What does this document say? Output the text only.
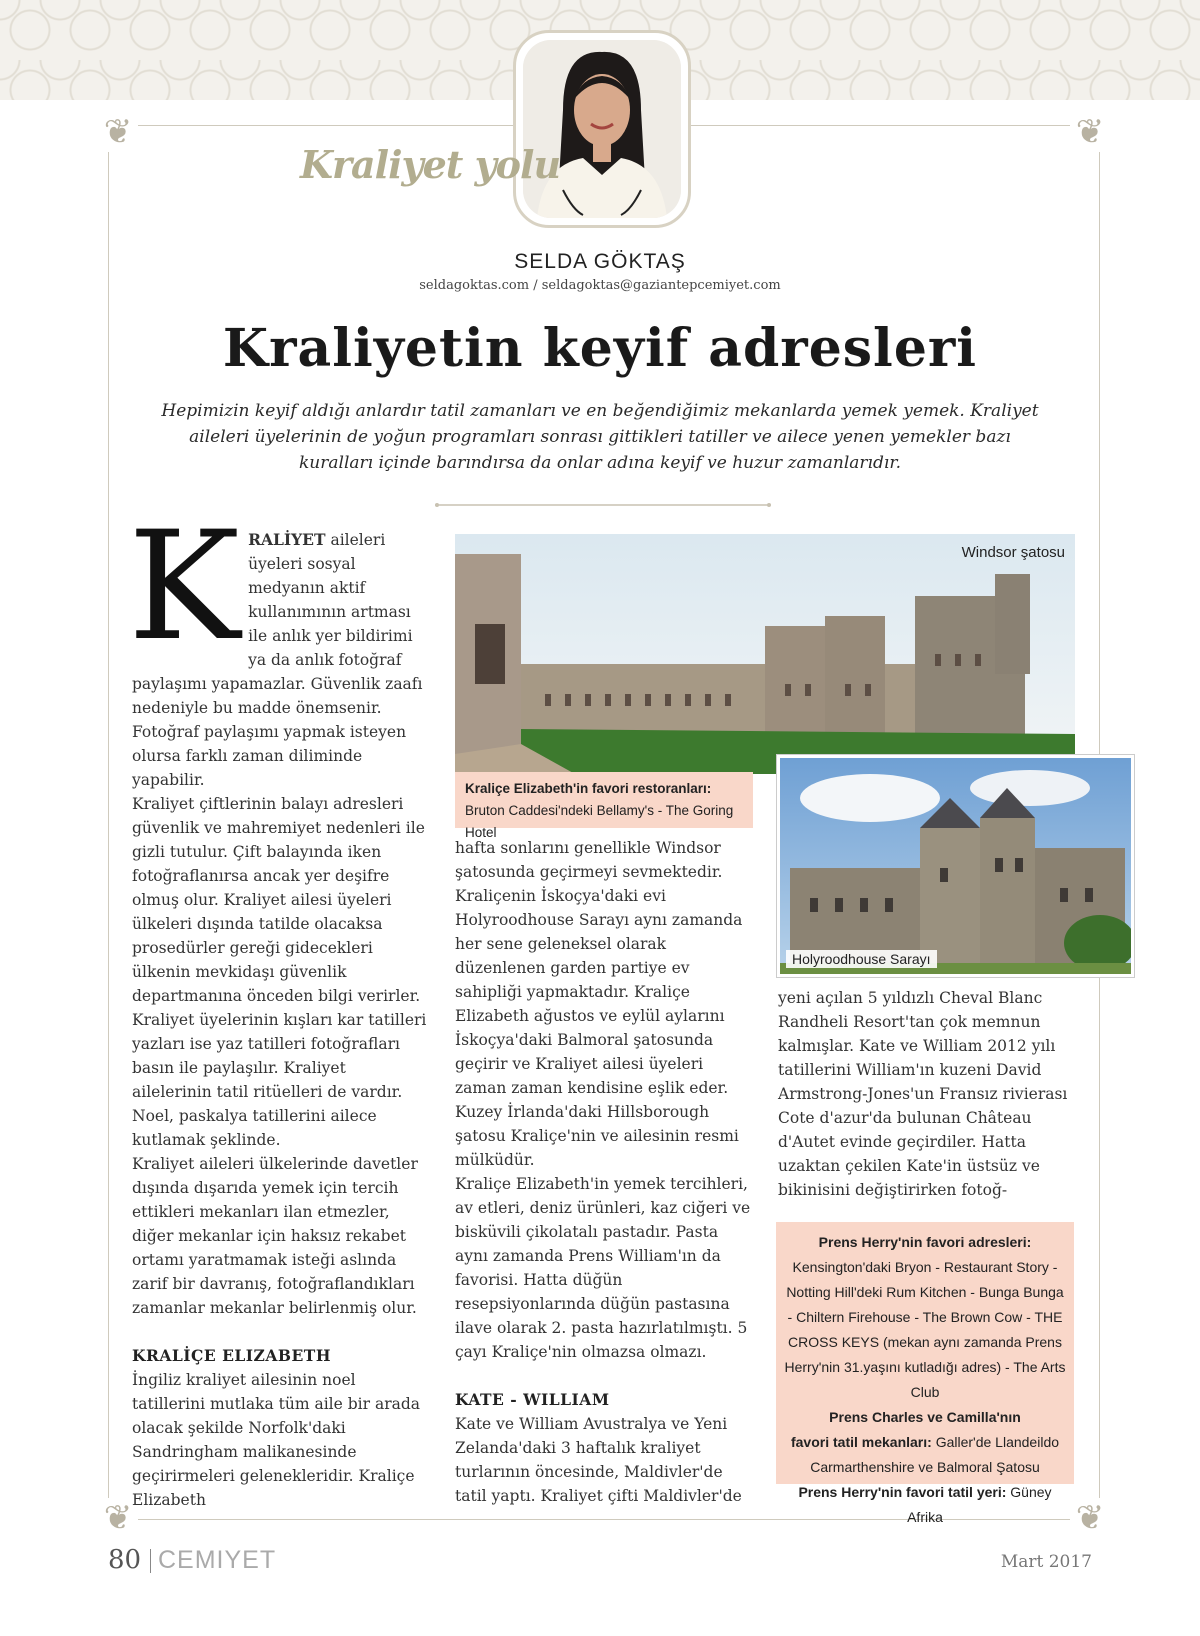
❦	❦
❦	❦
Kraliyet yolu
SELDA GÖKTAŞ
seldagoktas.com / seldagoktas@gaziantepcemiyet.com
Kraliyetin keyif adresleri

Hepimizin keyif aldığı anlardır tatil zamanları ve en beğendiğimiz mekanlarda yemek yemek. Kraliyet aileleri üyelerinin de yoğun programları sonrası gittikleri tatiller ve ailece yenen yemekler bazı kuralları içinde barındırsa da onlar adına keyif ve huzur zamanlarıdır.

K RALİYET aileleri üyeleri sosyal medyanın aktif kullanımının artması ile anlık yer bildirimi ya da anlık fotoğraf paylaşımı yapamazlar. Güvenlik zaafı nedeniyle bu madde önemsenir. Fotoğraf paylaşımı yapmak isteyen olursa farklı zaman diliminde yapabilir.
Kraliyet çiftlerinin balayı adresleri güvenlik ve mahremiyet nedenleri ile gizli tutulur. Çift balayında iken fotoğraflanırsa ancak yer deşifre olmuş olur. Kraliyet ailesi üyeleri ülkeleri dışında tatilde olacaksa prosedürler gereği gidecekleri ülkenin mevkidaşı güvenlik departmanına önceden bilgi verirler.
Kraliyet üyelerinin kışları kar tatilleri yazları ise yaz tatilleri fotoğrafları basın ile paylaşılır. Kraliyet ailelerinin tatil ritüelleri de vardır. Noel, paskalya tatillerini ailece kutlamak şeklinde.
Kraliyet aileleri ülkelerinde davetler dışında dışarıda yemek için tercih ettikleri mekanları ilan etmezler, diğer mekanlar için haksız rekabet ortamı yaratmamak isteği aslında zarif bir davranış, fotoğraflandıkları zamanlar mekanlar belirlenmiş olur.
KRALİÇE ELIZABETH
İngiliz kraliyet ailesinin noel tatillerini mutlaka tüm aile bir arada olacak şekilde Norfolk'daki Sandringham malikanesinde geçirirmeleri gelenekleridir. Kraliçe Elizabeth
Windsor şatosu
Kraliçe Elizabeth'in favori restoranları:
Bruton Caddesi'ndeki Bellamy's - The Goring Hotel
Holyroodhouse Sarayı
hafta sonlarını genellikle Windsor şatosunda geçirmeyi sevmektedir. Kraliçenin İskoçya'daki evi Holyroodhouse Sarayı aynı zamanda her sene geleneksel olarak düzenlenen garden partiye ev sahipliği yapmaktadır. Kraliçe Elizabeth ağustos ve eylül aylarını İskoçya'daki Balmoral şatosunda geçirir ve Kraliyet ailesi üyeleri zaman zaman kendisine eşlik eder. Kuzey İrlanda'daki Hillsborough şatosu Kraliçe'nin ve ailesinin resmi mülküdür.
Kraliçe Elizabeth'in yemek tercihleri, av etleri, deniz ürünleri, kaz ciğeri ve bisküvili çikolatalı pastadır. Pasta aynı zamanda Prens William'ın da favorisi. Hatta düğün resepsiyonlarında düğün pastasına ilave olarak 2. pasta hazırlatılmıştı. 5 çayı Kraliçe'nin olmazsa olmazı.
KATE - WILLIAM
Kate ve William Avustralya ve Yeni Zelanda'daki 3 haftalık kraliyet turlarının öncesinde, Maldivler'de tatil yaptı. Kraliyet çifti Maldivler'de
yeni açılan 5 yıldızlı Cheval Blanc Randheli Resort'tan çok memnun kalmışlar. Kate ve William 2012 yılı tatillerini William'ın kuzeni David Armstrong-Jones'un Fransız rivierası Cote d'azur'da bulunan Château d'Autet evinde geçirdiler. Hatta uzaktan çekilen Kate'in üstsüz ve bikinisini değiştirirken fotoğ-
Prens Herry'nin favori adresleri:
Kensington'daki Bryon - Restaurant Story -Notting Hill'deki Rum Kitchen - Bunga Bunga - Chiltern Firehouse - The Brown Cow - THE CROSS KEYS (mekan aynı zamanda Prens Herry'nin 31.yaşını kutladığı adres) - The Arts Club
Prens Charles ve Camilla'nın
favori tatil mekanları: Galler'de Llandeildo Carmarthenshire ve Balmoral Şatosu
Prens Herry'nin favori tatil yeri: Güney Afrika
80 CEMIYET	Mart 2017
